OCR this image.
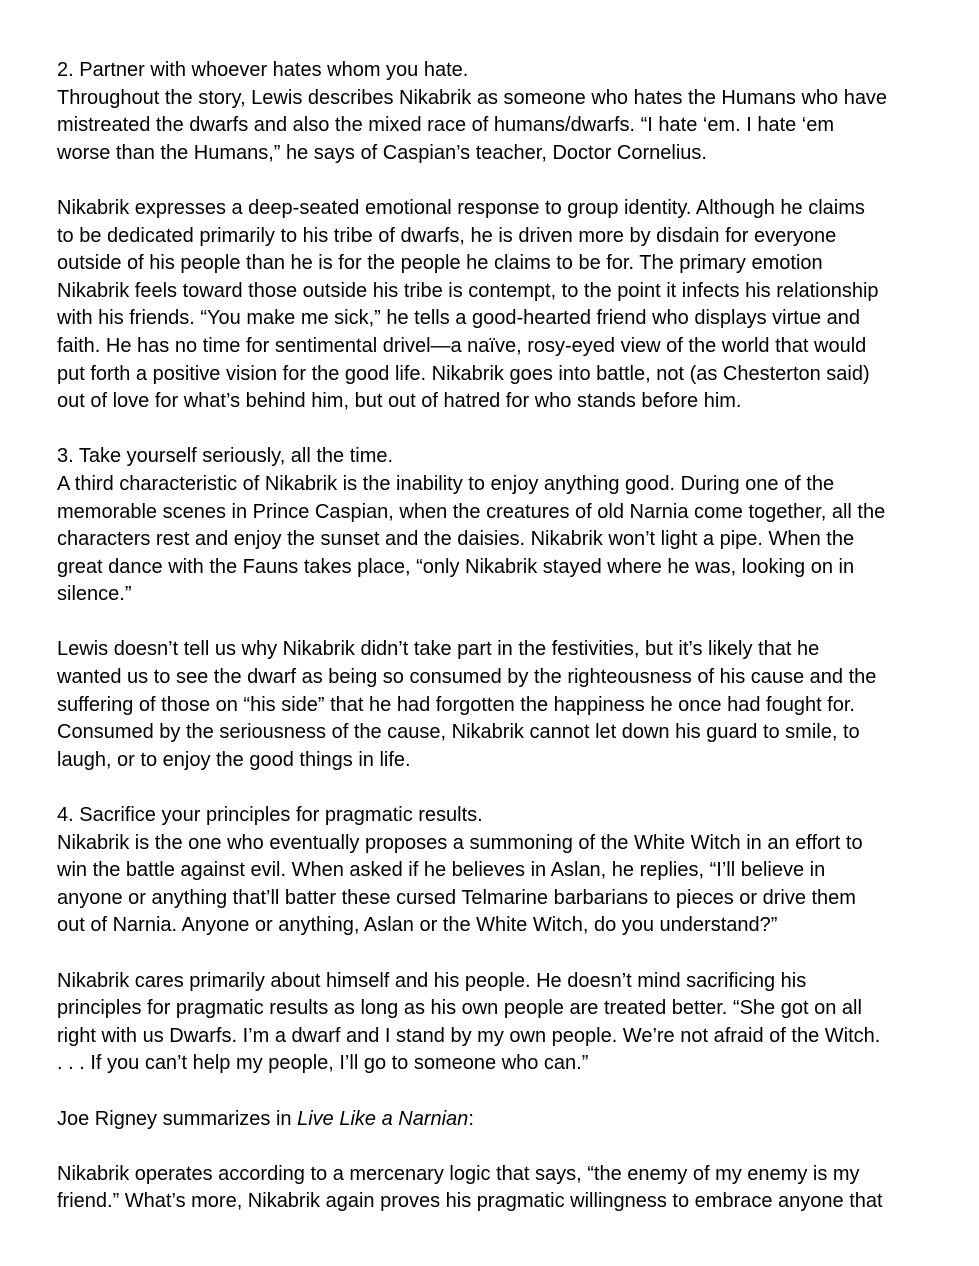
2. Partner with whoever hates whom you hate.
Throughout the story, Lewis describes Nikabrik as someone who hates the Humans who have
mistreated the dwarfs and also the mixed race of humans/dwarfs. “I hate ‘em. I hate ‘em
worse than the Humans,” he says of Caspian’s teacher, Doctor Cornelius.
Nikabrik expresses a deep-seated emotional response to group identity. Although he claims
to be dedicated primarily to his tribe of dwarfs, he is driven more by disdain for everyone
outside of his people than he is for the people he claims to be for. The primary emotion
Nikabrik feels toward those outside his tribe is contempt, to the point it infects his relationship
with his friends. “You make me sick,” he tells a good-hearted friend who displays virtue and
faith. He has no time for sentimental drivel—a naïve, rosy-eyed view of the world that would
put forth a positive vision for the good life. Nikabrik goes into battle, not (as Chesterton said)
out of love for what’s behind him, but out of hatred for who stands before him.
3. Take yourself seriously, all the time.
A third characteristic of Nikabrik is the inability to enjoy anything good. During one of the
memorable scenes in Prince Caspian, when the creatures of old Narnia come together, all the
characters rest and enjoy the sunset and the daisies. Nikabrik won’t light a pipe. When the
great dance with the Fauns takes place, “only Nikabrik stayed where he was, looking on in
silence.”
Lewis doesn’t tell us why Nikabrik didn’t take part in the festivities, but it’s likely that he
wanted us to see the dwarf as being so consumed by the righteousness of his cause and the
suffering of those on “his side” that he had forgotten the happiness he once had fought for.
Consumed by the seriousness of the cause, Nikabrik cannot let down his guard to smile, to
laugh, or to enjoy the good things in life.
4. Sacrifice your principles for pragmatic results.
Nikabrik is the one who eventually proposes a summoning of the White Witch in an effort to
win the battle against evil. When asked if he believes in Aslan, he replies, “I’ll believe in
anyone or anything that’ll batter these cursed Telmarine barbarians to pieces or drive them
out of Narnia. Anyone or anything, Aslan or the White Witch, do you understand?”
Nikabrik cares primarily about himself and his people. He doesn’t mind sacrificing his
principles for pragmatic results as long as his own people are treated better. “She got on all
right with us Dwarfs. I’m a dwarf and I stand by my own people. We’re not afraid of the Witch.
. . . If you can’t help my people, I’ll go to someone who can.”
Joe Rigney summarizes in Live Like a Narnian:
Nikabrik operates according to a mercenary logic that says, “the enemy of my enemy is my
friend.” What’s more, Nikabrik again proves his pragmatic willingness to embrace anyone that
